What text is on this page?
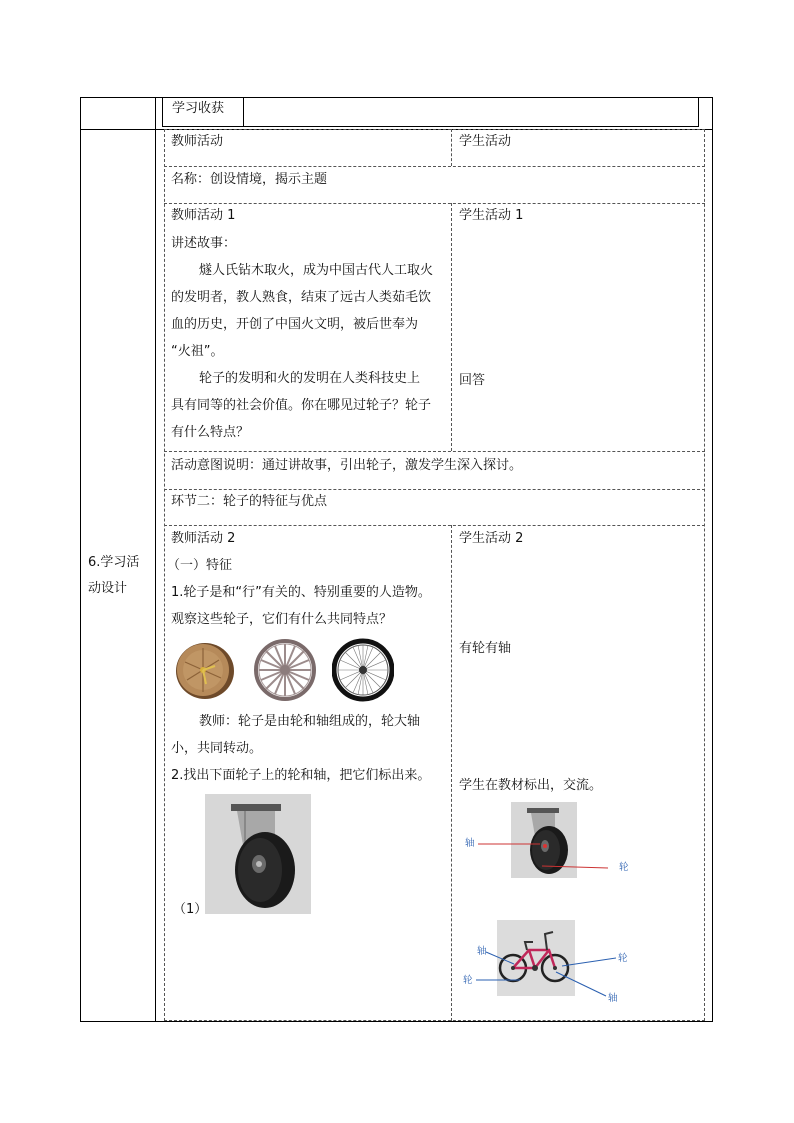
学习收获
6.学习活
动设计
教师活动	学生活动
名称：创设情境，揭示主题
教师活动 1

讲述故事：

燧人氏钻木取火，成为中国古代人工取火

的发明者，教人熟食，结束了远古人类茹毛饮

血的历史，开创了中国火文明，被后世奉为

“火祖”。

轮子的发明和火的发明在人类科技史上

具有同等的社会价值。你在哪见过轮子？轮子

有什么特点？

学生活动 1
回答
活动意图说明：通过讲故事，引出轮子，激发学生深入探讨。
环节二：轮子的特征与优点
教师活动 2
（一）特征
1.轮子是和“行”有关的、特别重要的人造物。
观察这些轮子，它们有什么共同特点？
教师：轮子是由轮和轴组成的，轮大轴
小，共同转动。
2.找出下面轮子上的轮和轴，把它们标出来。
（1）
学生活动 2
有轮有轴
学生在教材标出，交流。
轴
轮
轴
轮
轮
轴
